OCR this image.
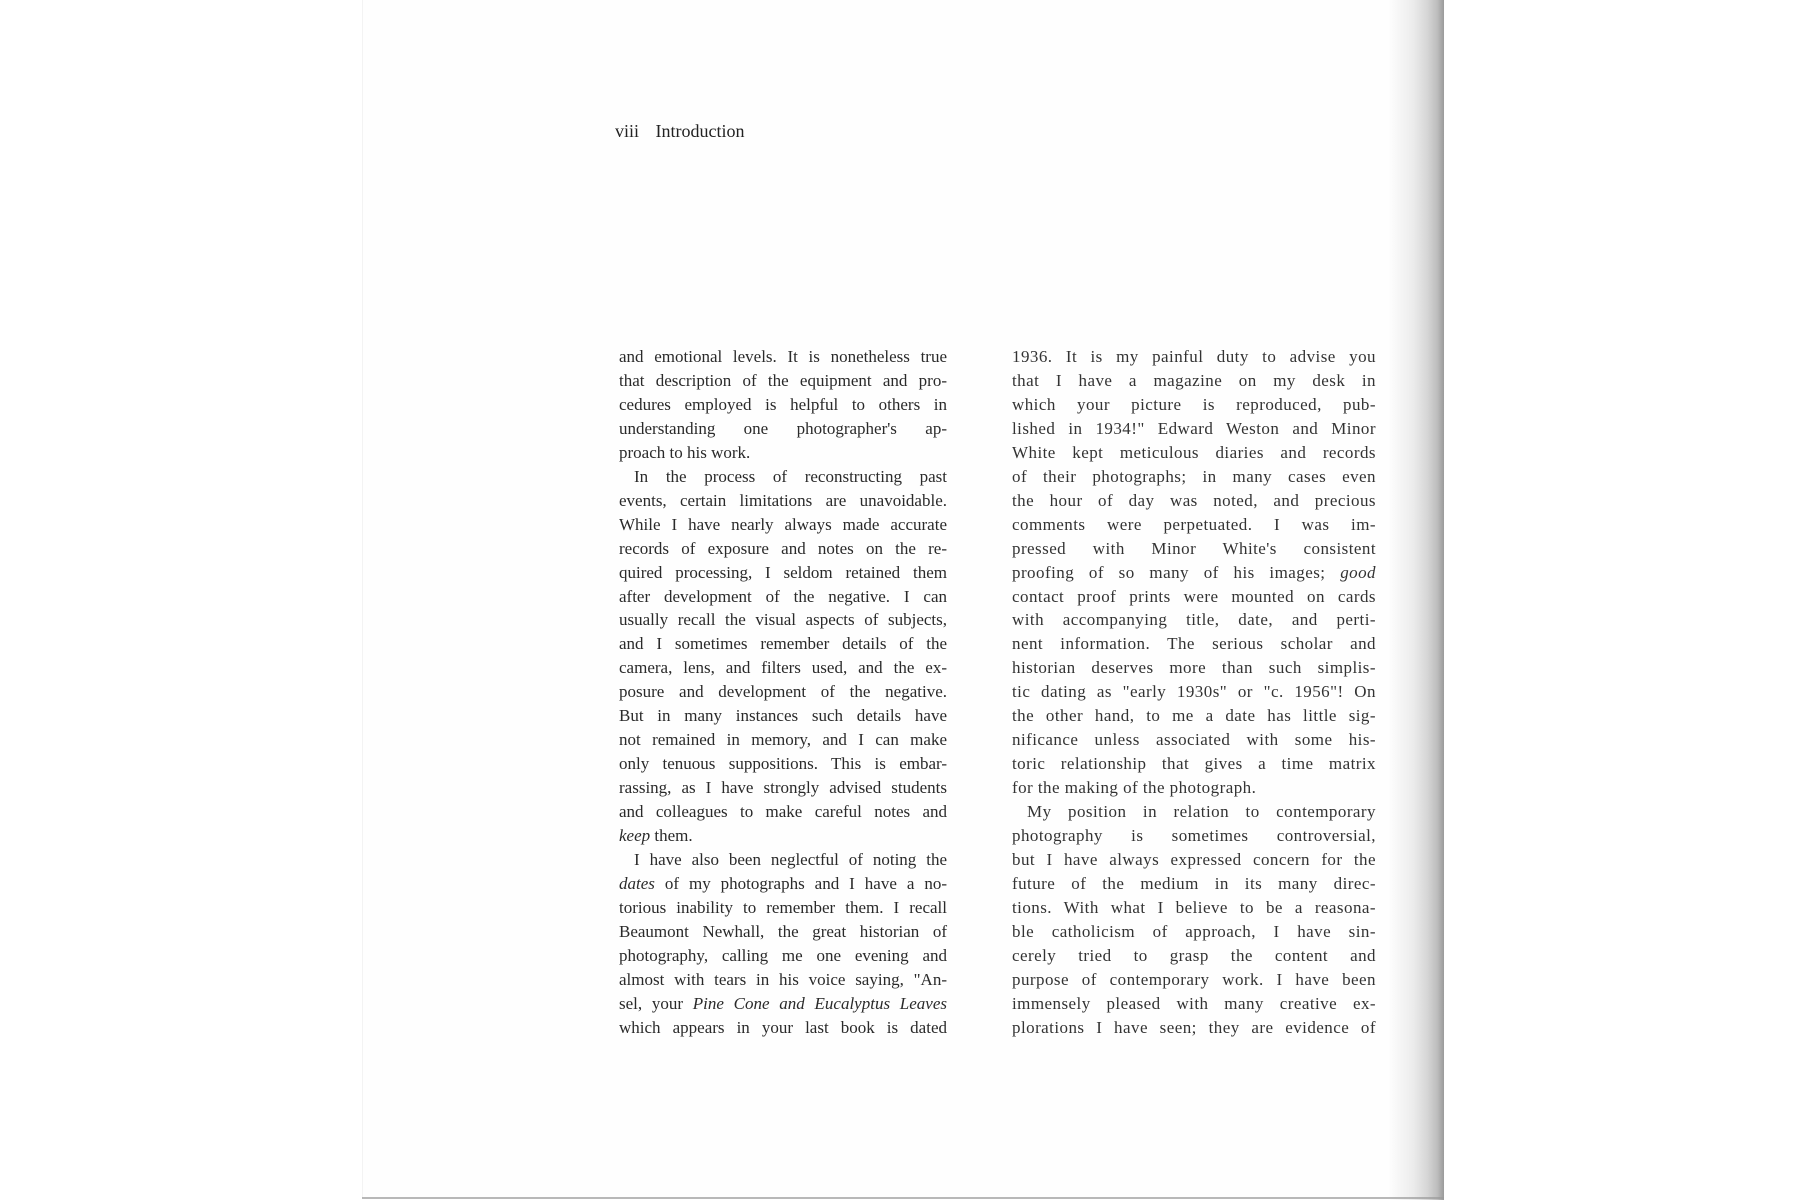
viii Introduction
and emotional levels. It is nonetheless true
that description of the equipment and pro-
cedures employed is helpful to others in
understanding one photographer's ap-
proach to his work.
In the process of reconstructing past
events, certain limitations are unavoidable.
While I have nearly always made accurate
records of exposure and notes on the re-
quired processing, I seldom retained them
after development of the negative. I can
usually recall the visual aspects of subjects,
and I sometimes remember details of the
camera, lens, and filters used, and the ex-
posure and development of the negative.
But in many instances such details have
not remained in memory, and I can make
only tenuous suppositions. This is embar-
rassing, as I have strongly advised students
and colleagues to make careful notes and
keep them.
I have also been neglectful of noting the
dates of my photographs and I have a no-
torious inability to remember them. I recall
Beaumont Newhall, the great historian of
photography, calling me one evening and
almost with tears in his voice saying, "An-
sel, your Pine Cone and Eucalyptus Leaves
which appears in your last book is dated
1936. It is my painful duty to advise you
that I have a magazine on my desk in
which your picture is reproduced, pub-
lished in 1934!" Edward Weston and Minor
White kept meticulous diaries and records
of their photographs; in many cases even
the hour of day was noted, and precious
comments were perpetuated. I was im-
pressed with Minor White's consistent
proofing of so many of his images; good
contact proof prints were mounted on cards
with accompanying title, date, and perti-
nent information. The serious scholar and
historian deserves more than such simplis-
tic dating as "early 1930s" or "c. 1956"! On
the other hand, to me a date has little sig-
nificance unless associated with some his-
toric relationship that gives a time matrix
for the making of the photograph.
My position in relation to contemporary
photography is sometimes controversial,
but I have always expressed concern for the
future of the medium in its many direc-
tions. With what I believe to be a reasona-
ble catholicism of approach, I have sin-
cerely tried to grasp the content and
purpose of contemporary work. I have been
immensely pleased with many creative ex-
plorations I have seen; they are evidence of
